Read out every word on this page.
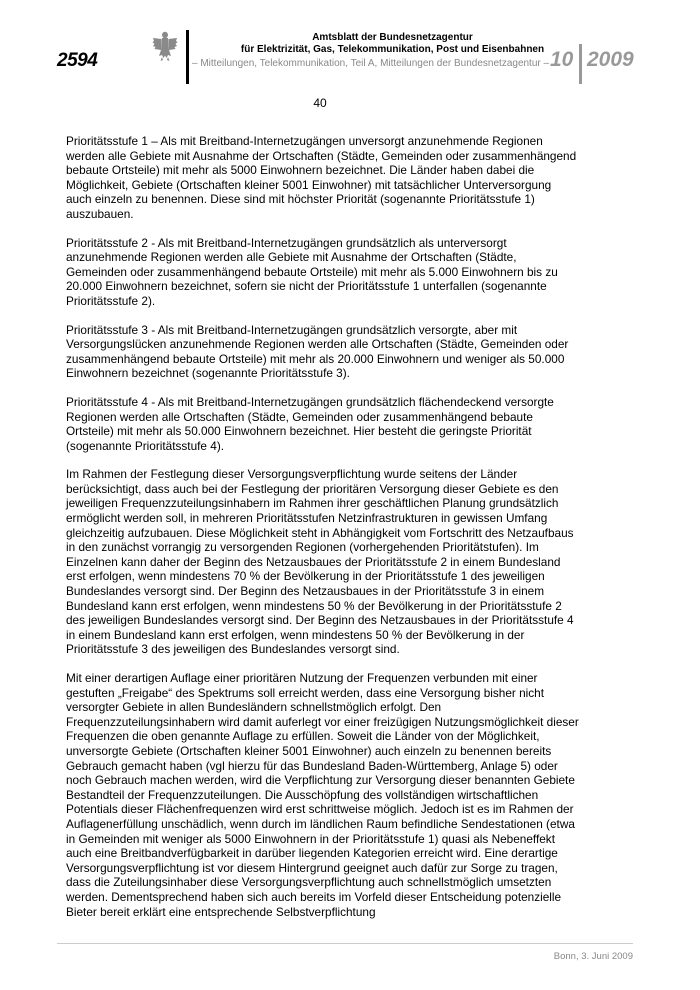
2594
Amtsblatt der Bundesnetzagentur
für Elektrizität, Gas, Telekommunikation, Post und Eisenbahnen
– Mitteilungen, Telekommunikation, Teil A, Mitteilungen der Bundesnetzagentur – 10 2009
40

Prioritätsstufe 1 – Als mit Breitband-Internetzugängen unversorgt anzunehmende Regionen werden alle Gebiete mit Ausnahme der Ortschaften (Städte, Gemeinden oder zusammenhängend bebaute Ortsteile) mit mehr als 5000 Einwohnern bezeichnet. Die Länder haben dabei die Möglichkeit, Gebiete (Ortschaften kleiner 5001 Einwohner) mit tatsächlicher Unterversorgung auch einzeln zu benennen. Diese sind mit höchster Priorität (sogenannte Prioritätsstufe 1) auszubauen.

Prioritätsstufe 2 - Als mit Breitband-Internetzugängen grundsätzlich als unterversorgt anzunehmende Regionen werden alle Gebiete mit Ausnahme der Ortschaften (Städte, Gemeinden oder zusammenhängend bebaute Ortsteile) mit mehr als 5.000 Einwohnern bis zu 20.000 Einwohnern bezeichnet, sofern sie nicht der Prioritätsstufe 1 unterfallen (sogenannte Prioritätsstufe 2).

Prioritätsstufe 3 - Als mit Breitband-Internetzugängen grundsätzlich versorgte, aber mit Versorgungslücken anzunehmende Regionen werden alle Ortschaften (Städte, Gemeinden oder zusammenhängend bebaute Ortsteile) mit mehr als 20.000 Einwohnern und weniger als 50.000 Einwohnern bezeichnet (sogenannte Prioritätsstufe 3).

Prioritätsstufe 4 - Als mit Breitband-Internetzugängen grundsätzlich flächendeckend versorgte Regionen werden alle Ortschaften (Städte, Gemeinden oder zusammenhängend bebaute Ortsteile) mit mehr als 50.000 Einwohnern bezeichnet. Hier besteht die geringste Priorität (sogenannte Prioritätsstufe 4).

Im Rahmen der Festlegung dieser Versorgungsverpflichtung wurde seitens der Länder berücksichtigt, dass auch bei der Festlegung der prioritären Versorgung dieser Gebiete es den jeweiligen Frequenzzuteilungsinhabern im Rahmen ihrer geschäftlichen Planung grundsätzlich ermöglicht werden soll, in mehreren Prioritätsstufen Netzinfrastrukturen in gewissen Umfang gleichzeitig aufzubauen. Diese Möglichkeit steht in Abhängigkeit vom Fortschritt des Netzaufbaus in den zunächst vorrangig zu versorgenden Regionen (vorhergehenden Prioritätstufen). Im Einzelnen kann daher der Beginn des Netzausbaues der Prioritätsstufe 2 in einem Bundesland erst erfolgen, wenn mindestens 70 % der Bevölkerung in der Prioritätsstufe 1 des jeweiligen Bundeslandes versorgt sind. Der Beginn des Netzausbaues in der Prioritätsstufe 3 in einem Bundesland kann erst erfolgen, wenn mindestens 50 % der Bevölkerung in der Prioritätsstufe 2 des jeweiligen Bundeslandes versorgt sind. Der Beginn des Netzausbaues in der Prioritätsstufe 4 in einem Bundesland kann erst erfolgen, wenn mindestens 50 % der Bevölkerung in der Prioritätsstufe 3 des jeweiligen des Bundeslandes versorgt sind.

Mit einer derartigen Auflage einer prioritären Nutzung der Frequenzen verbunden mit einer gestuften „Freigabe“ des Spektrums soll erreicht werden, dass eine Versorgung bisher nicht versorgter Gebiete in allen Bundesländern schnellstmöglich erfolgt. Den Frequenzzuteilungsinhabern wird damit auferlegt vor einer freizügigen Nutzungsmöglichkeit dieser Frequenzen die oben genannte Auflage zu erfüllen. Soweit die Länder von der Möglichkeit, unversorgte Gebiete (Ortschaften kleiner 5001 Einwohner) auch einzeln zu benennen bereits Gebrauch gemacht haben (vgl hierzu für das Bundesland Baden-Württemberg, Anlage 5) oder noch Gebrauch machen werden, wird die Verpflichtung zur Versorgung dieser benannten Gebiete Bestandteil der Frequenzzuteilungen. Die Ausschöpfung des vollständigen wirtschaftlichen Potentials dieser Flächenfrequenzen wird erst schrittweise möglich. Jedoch ist es im Rahmen der Auflagenerfüllung unschädlich, wenn durch im ländlichen Raum befindliche Sendestationen (etwa in Gemeinden mit weniger als 5000 Einwohnern in der Prioritätsstufe 1) quasi als Nebeneffekt auch eine Breitbandverfügbarkeit in darüber liegenden Kategorien erreicht wird. Eine derartige Versorgungsverpflichtung ist vor diesem Hintergrund geeignet auch dafür zur Sorge zu tragen, dass die Zuteilungsinhaber diese Versorgungsverpflichtung auch schnellstmöglich umsetzten werden. Dementsprechend haben sich auch bereits im Vorfeld dieser Entscheidung potenzielle Bieter bereit erklärt eine entsprechende Selbstverpflichtung

Bonn, 3. Juni 2009
